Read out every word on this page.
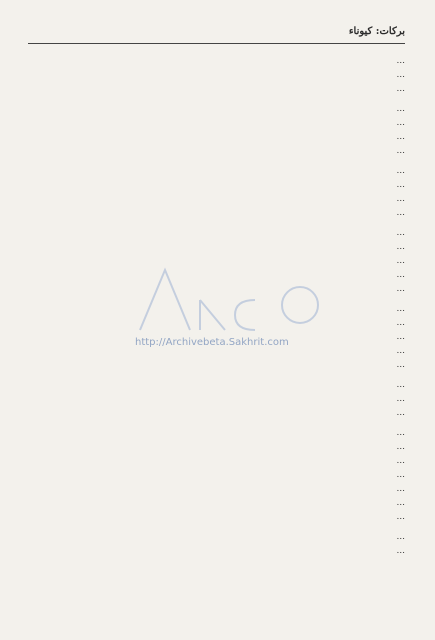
بركات: كيوناء
…
…
…
…
…
…
…
…
…
…
…
…
…
…
…
…
…
…
…
…
…
…
…
…
…
…
…
…
…
…
…
…
…
http://Archivebeta.Sakhrit.com
